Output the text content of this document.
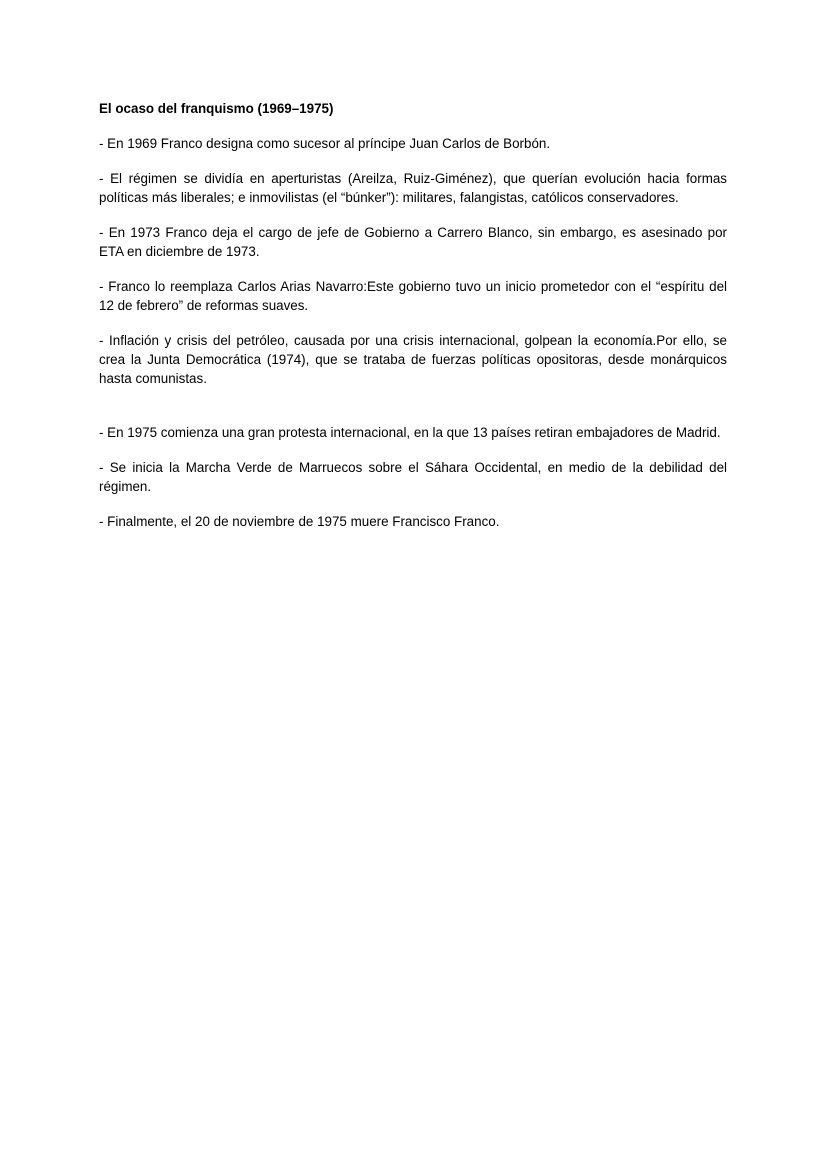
El ocaso del franquismo (1969–1975)

- En 1969 Franco designa como sucesor al príncipe Juan Carlos de Borbón.

- El régimen se dividía en aperturistas (Areilza, Ruiz-Giménez), que querían evolución hacia formas políticas más liberales; e inmovilistas (el “búnker”): militares, falangistas, católicos conservadores.

- En 1973 Franco deja el cargo de jefe de Gobierno a Carrero Blanco, sin embargo, es asesinado por ETA en diciembre de 1973.

- Franco lo reemplaza Carlos Arias Navarro:Este gobierno tuvo un inicio prometedor con el “espíritu del 12 de febrero” de reformas suaves.

- Inflación y crisis del petróleo, causada por una crisis internacional, golpean la economía.Por ello, se crea la Junta Democrática (1974), que se trataba de fuerzas políticas opositoras, desde monárquicos hasta comunistas.

- En 1975 comienza una gran protesta internacional, en la que 13 países retiran embajadores de Madrid.

- Se inicia la Marcha Verde de Marruecos sobre el Sáhara Occidental, en medio de la debilidad del régimen.

- Finalmente, el 20 de noviembre de 1975 muere Francisco Franco.
